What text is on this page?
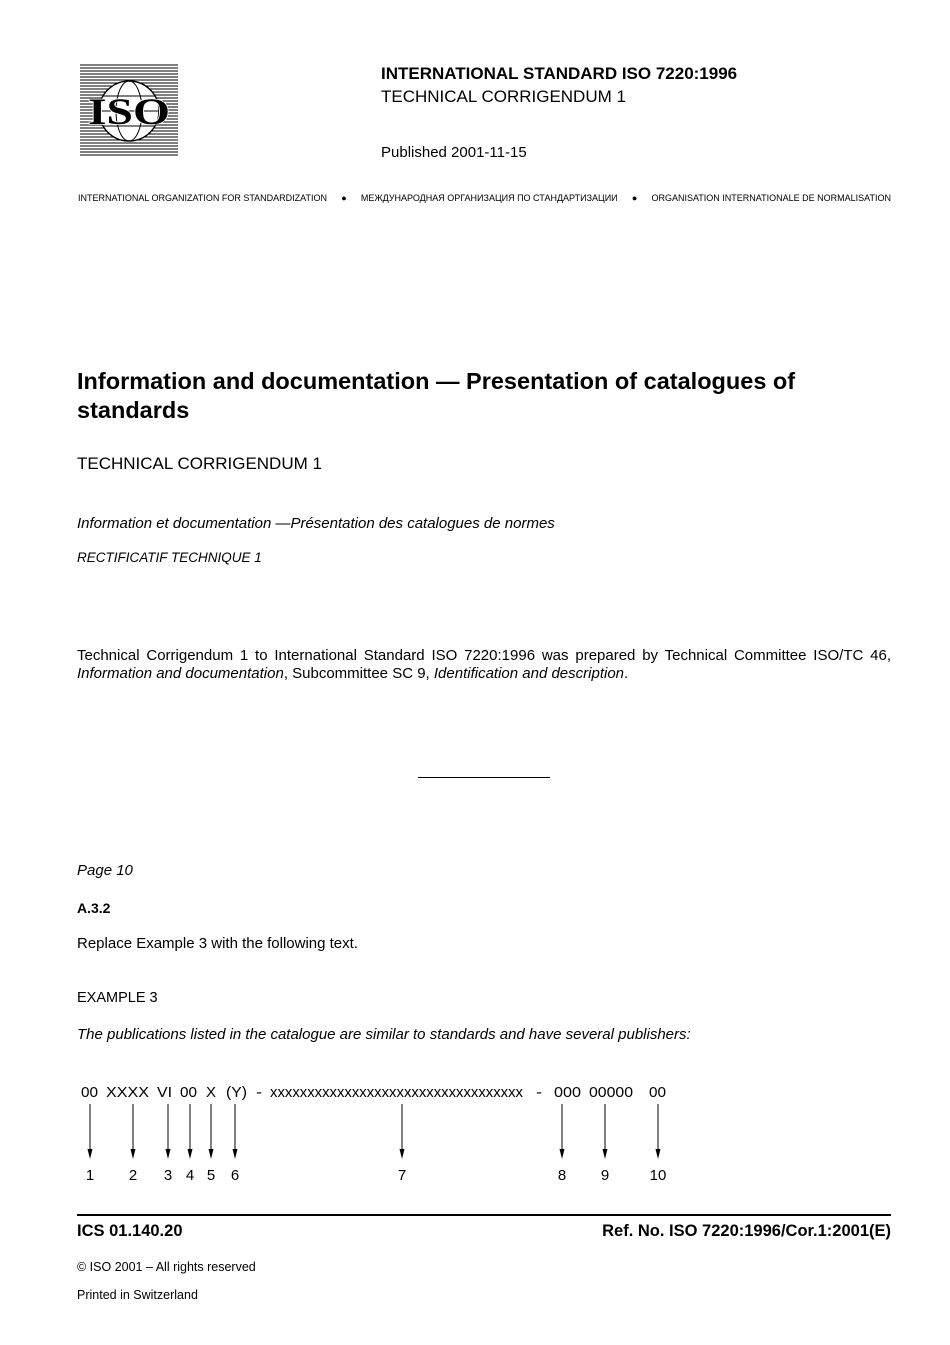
ISO
INTERNATIONAL STANDARD ISO 7220:1996
TECHNICAL CORRIGENDUM 1
Published 2001-11-15
INTERNATIONAL ORGANIZATION FOR STANDARDIZATION ● МЕЖДУНАРОДНАЯ ОРГАНИЗАЦИЯ ПО СТАНДАРТИЗАЦИИ ● ORGANISATION INTERNATIONALE DE NORMALISATION
Information and documentation — Presentation of catalogues of standards
TECHNICAL CORRIGENDUM 1
Information et documentation —Présentation des catalogues de normes
RECTIFICATIF TECHNIQUE 1
Technical Corrigendum 1 to International Standard ISO 7220:1996 was prepared by Technical Committee ISO/TC 46, Information and documentation, Subcommittee SC 9, Identification and description.
Page 10
A.3.2
Replace Example 3 with the following text.
EXAMPLE 3
The publications listed in the catalogue are similar to standards and have several publishers:
00 XXXX VI 00 X (Y) - xxxxxxxxxxxxxxxxxxxxxxxxxxxxxxxxxx - 000 00000 00
1 2 3 4 5 6	7	8 9	10
ICS 01.140.20	Ref. No. ISO 7220:1996/Cor.1:2001(E)
© ISO 2001 – All rights reserved
Printed in Switzerland
